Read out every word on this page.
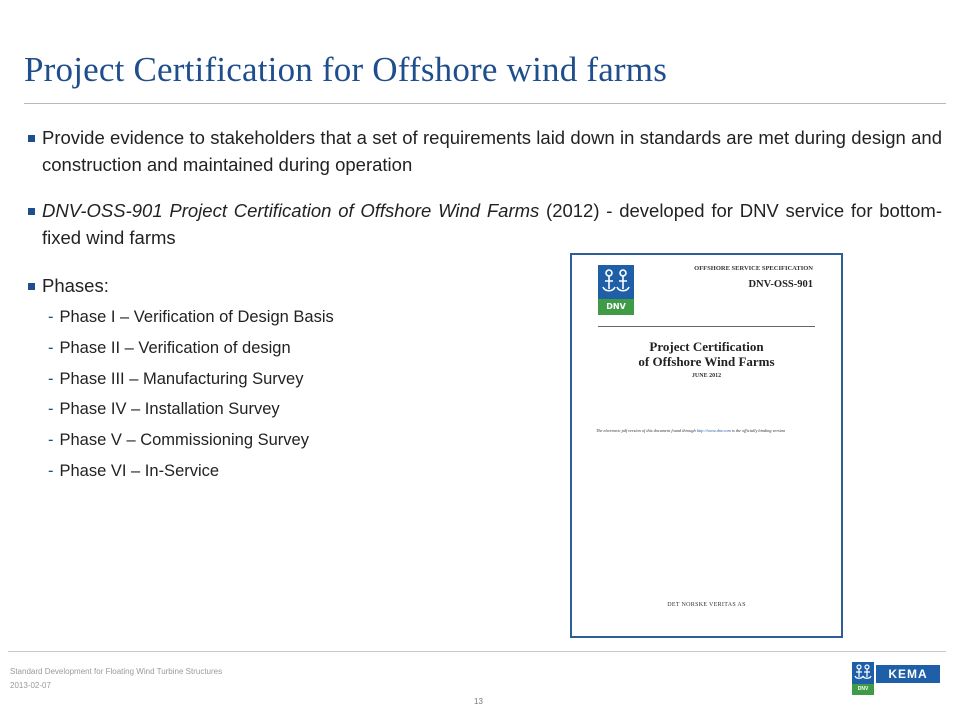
Project Certification for Offshore wind farms
Provide evidence to stakeholders that a set of requirements laid down in standards are met during design and construction and maintained during operation
DNV-OSS-901 Project Certification of Offshore Wind Farms (2012) - developed for DNV service for bottom-fixed wind farms
Phases:
- Phase I – Verification of Design Basis
- Phase II – Verification of design
- Phase III – Manufacturing Survey
- Phase IV – Installation Survey
- Phase V – Commissioning Survey
- Phase VI – In-Service
DNV
OFFSHORE SERVICE SPECIFICATION
DNV-OSS-901
Project Certification
of Offshore Wind Farms
JUNE 2012
The electronic pdf version of this document found through http://www.dnv.com is the officially binding version
DET NORSKE VERITAS AS
Standard Development for Floating Wind Turbine Structures
2013-02-07
13
DNV
KEMA
